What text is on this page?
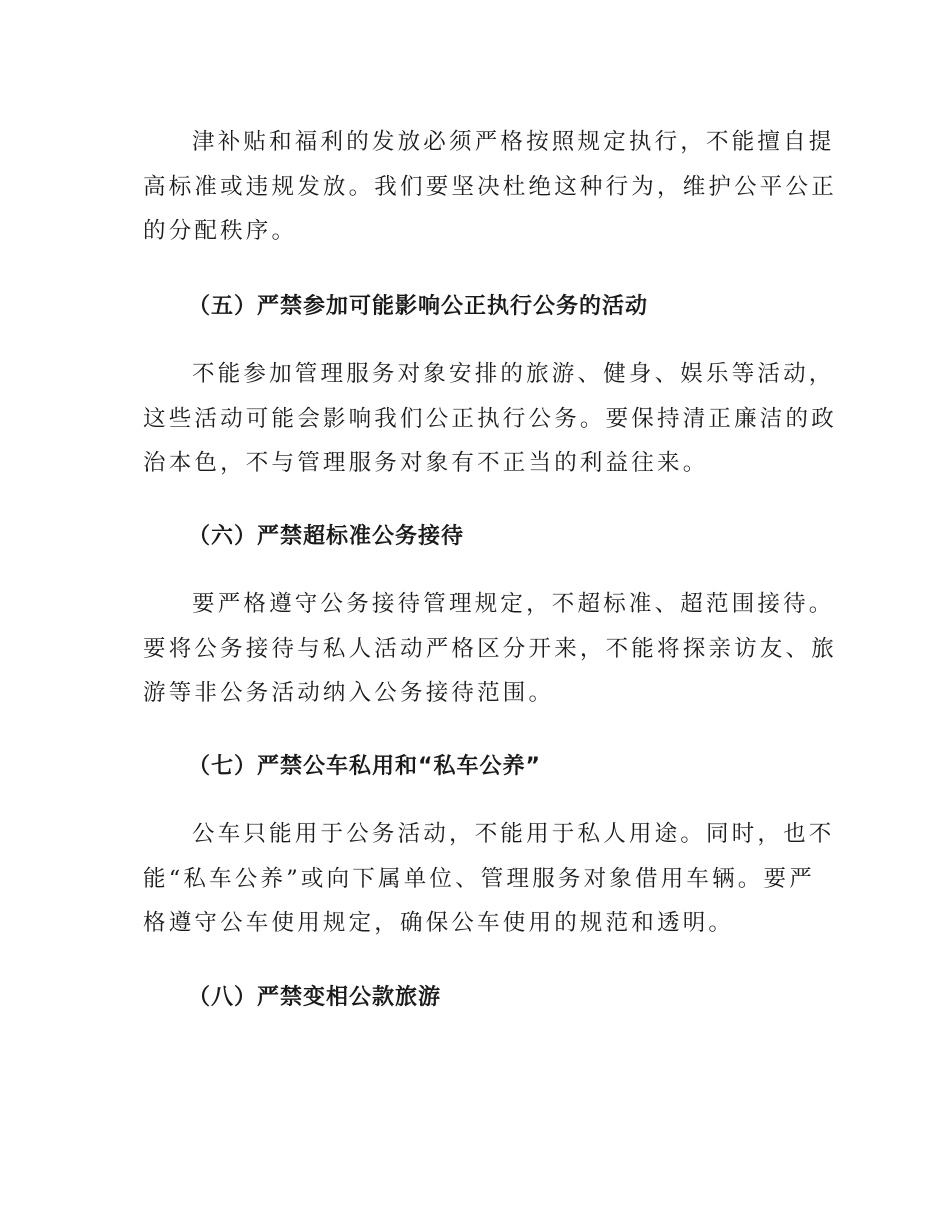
津补贴和福利的发放必须严格按照规定执行，不能擅自提
高标准或违规发放。我们要坚决杜绝这种行为，维护公平公正
的分配秩序。

（五）严禁参加可能影响公正执行公务的活动

不能参加管理服务对象安排的旅游、健身、娱乐等活动，
这些活动可能会影响我们公正执行公务。要保持清正廉洁的政
治本色，不与管理服务对象有不正当的利益往来。

（六）严禁超标准公务接待

要严格遵守公务接待管理规定，不超标准、超范围接待。
要将公务接待与私人活动严格区分开来，不能将探亲访友、旅
游等非公务活动纳入公务接待范围。

（七）严禁公车私用和“私车公养”

公车只能用于公务活动，不能用于私人用途。同时，也不
能“私车公养”或向下属单位、管理服务对象借用车辆。要严
格遵守公车使用规定，确保公车使用的规范和透明。

（八）严禁变相公款旅游
